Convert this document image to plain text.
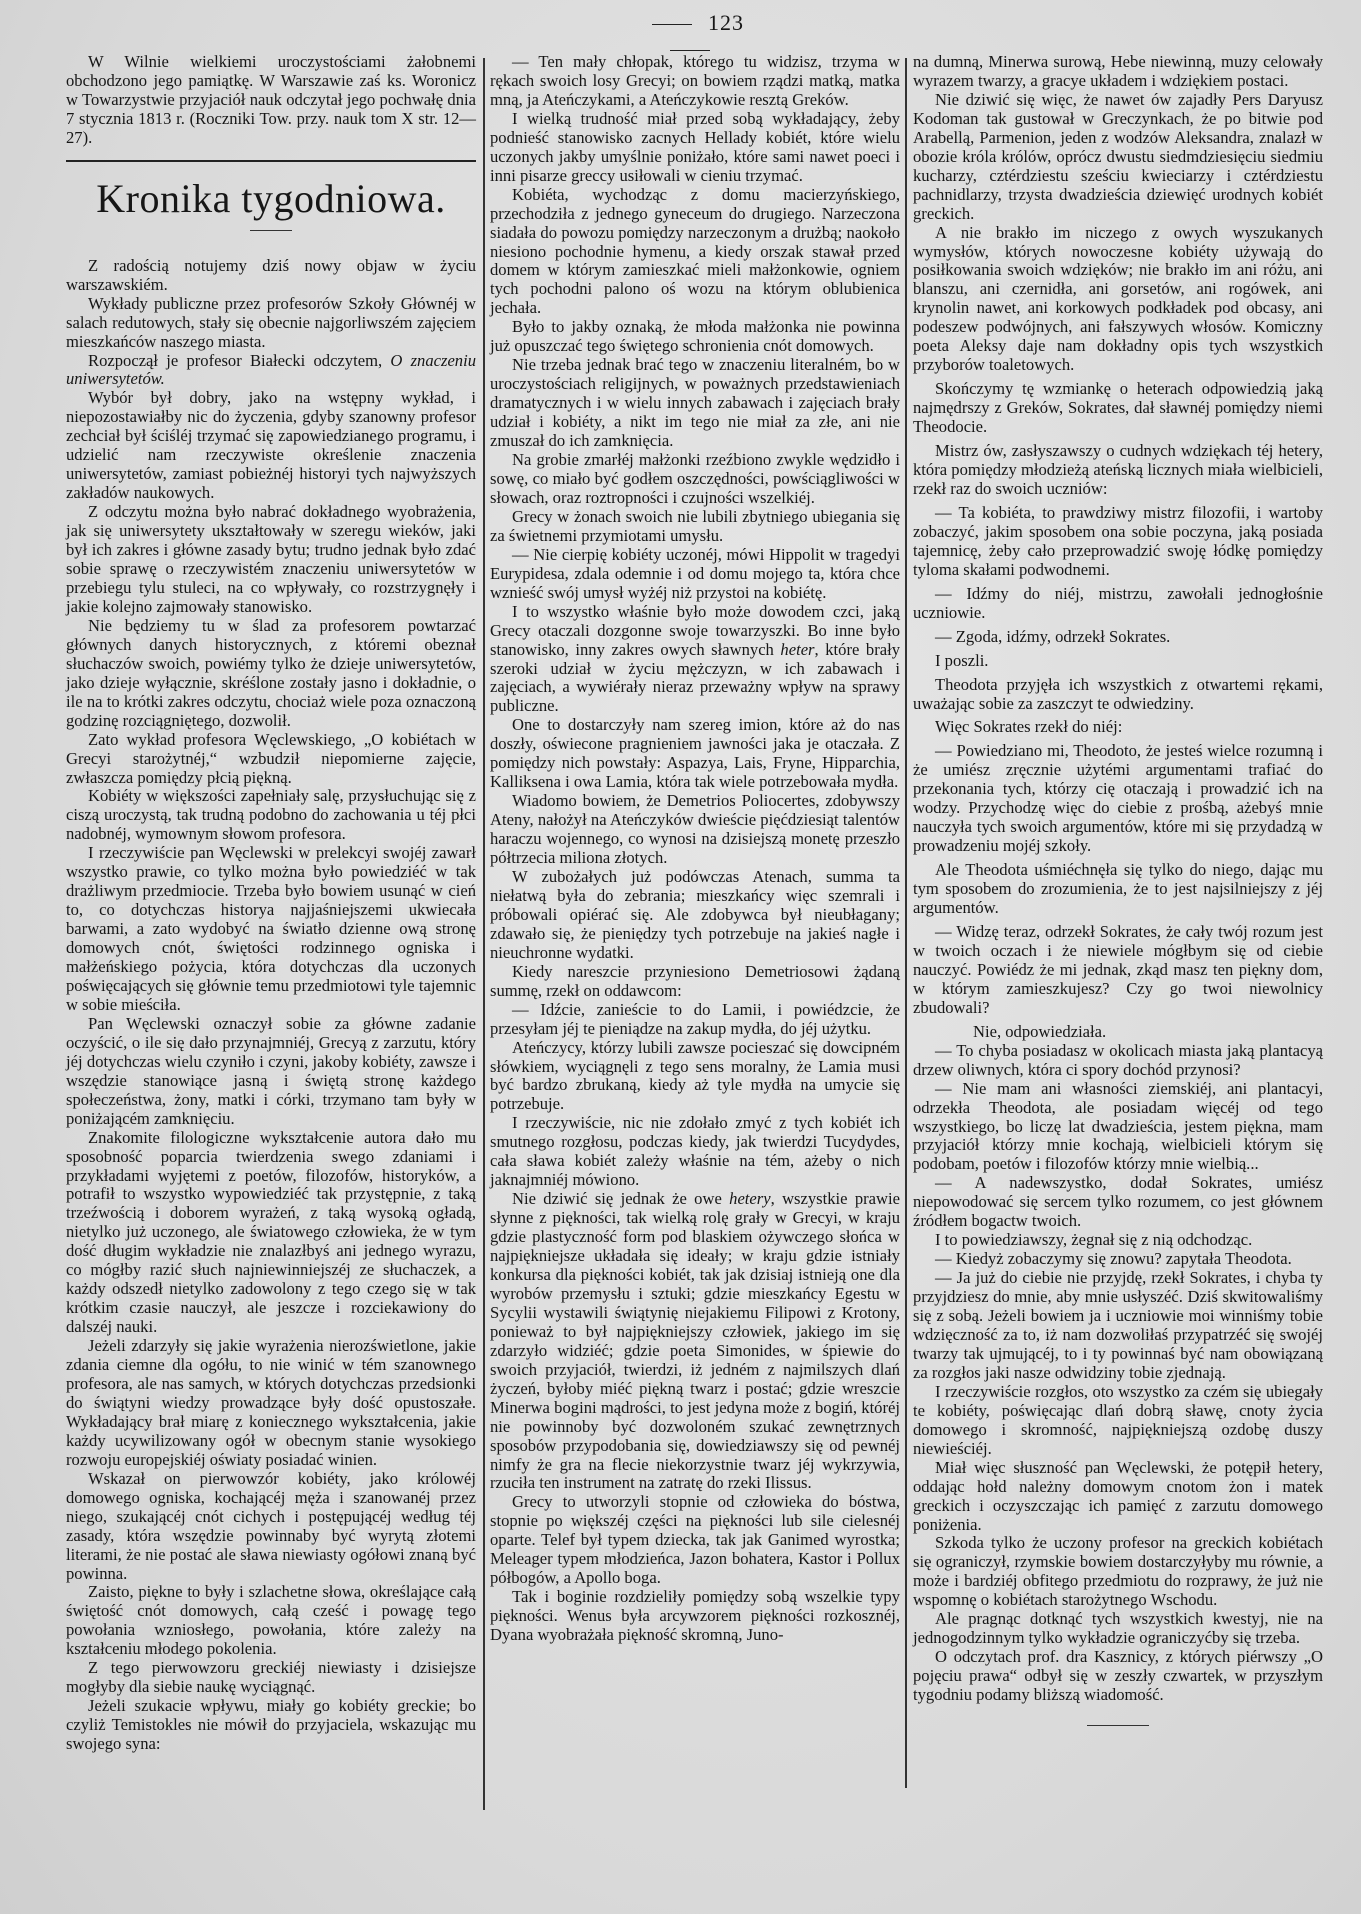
123

W Wilnie wielkiemi uroczystościami żałobnemi obchodzono jego pamiątkę. W Warszawie zaś ks. Woronicz w Towarzystwie przyjaciół nauk odczytał jego pochwałę dnia 7 stycznia 1813 r. (Roczniki Tow. przy. nauk tom X str. 12—27).

Kronika tygodniowa.

Z radością notujemy dziś nowy objaw w życiu warszawskiém.

Wykłady publiczne przez profesorów Szkoły Głównéj w salach redutowych, stały się obecnie najgorliwszém zajęciem mieszkańców naszego miasta.

Rozpoczął je profesor Białecki odczytem, O znaczeniu uniwersytetów.

Wybór był dobry, jako na wstępny wykład, i niepozostawiałby nic do życzenia, gdyby szanowny profesor zechciał był ściśléj trzymać się zapowiedzianego programu, i udzielić nam rzeczywiste określenie znaczenia uniwersytetów, zamiast pobieżnéj historyi tych najwyższych zakładów naukowych.

Z odczytu można było nabrać dokładnego wyobrażenia, jak się uniwersytety ukształtowały w szeregu wieków, jaki był ich zakres i główne zasady bytu; trudno jednak było zdać sobie sprawę o rzeczywistém znaczeniu uniwersytetów w przebiegu tylu stuleci, na co wpływały, co rozstrzygnęły i jakie kolejno zajmowały stanowisko.

Nie będziemy tu w ślad za profesorem powtarzać głównych danych historycznych, z któremi obeznał słuchaczów swoich, powiémy tylko że dzieje uniwersytetów, jako dzieje wyłącznie, skréślone zostały jasno i dokładnie, o ile na to krótki zakres odczytu, chociaż wiele poza oznaczoną godzinę rozciągniętego, dozwolił.

Zato wykład profesora Węclewskiego, „O kobiétach w Grecyi starożytnéj,“ wzbudził niepomierne zajęcie, zwłaszcza pomiędzy płcią piękną.

Kobiéty w większości zapełniały salę, przysłuchując się z ciszą uroczystą, tak trudną podobno do zachowania u téj płci nadobnéj, wymownym słowom profesora.

I rzeczywiście pan Węclewski w prelekcyi swojéj zawarł wszystko prawie, co tylko można było powiedziéć w tak drażliwym przedmiocie. Trzeba było bowiem usunąć w cień to, co dotychczas historya najjaśniejszemi ukwiecała barwami, a zato wydobyć na światło dzienne ową stronę domowych cnót, świętości rodzinnego ogniska i małżeńskiego pożycia, która dotychczas dla uczonych poświęcających się głównie temu przedmiotowi tyle tajemnic w sobie mieściła.

Pan Węclewski oznaczył sobie za główne zadanie oczyścić, o ile się dało przynajmniéj, Grecyą z zarzutu, który jéj dotychczas wielu czyniło i czyni, jakoby kobiéty, zawsze i wszędzie stanowiące jasną i świętą stronę każdego społeczeństwa, żony, matki i córki, trzymano tam były w poniżającém zamknięciu.

Znakomite filologiczne wykształcenie autora dało mu sposobność poparcia twierdzenia swego zdaniami i przykładami wyjętemi z poetów, filozofów, historyków, a potrafił to wszystko wypowiedziéć tak przystępnie, z taką trzeźwością i doborem wyrażeń, z taką wysoką ogładą, nietylko już uczonego, ale światowego człowieka, że w tym dość długim wykładzie nie znalazłbyś ani jednego wyrazu, co mógłby razić słuch najniewinniejszéj ze słuchaczek, a każdy odszedł nietylko zadowolony z tego czego się w tak krótkim czasie nauczył, ale jeszcze i rozciekawiony do dalszéj nauki.

Jeżeli zdarzyły się jakie wyrażenia nierozświetlone, jakie zdania ciemne dla ogółu, to nie winić w tém szanownego profesora, ale nas samych, w których dotychczas przedsionki do świątyni wiedzy prowadzące były dość opustoszałe. Wykładający brał miarę z koniecznego wykształcenia, jakie każdy ucywilizowany ogół w obecnym stanie wysokiego rozwoju europejskiéj oświaty posiadać winien.

Wskazał on pierwowzór kobiéty, jako królowéj domowego ogniska, kochającéj męża i szanowanéj przez niego, szukającéj cnót cichych i postępującéj według téj zasady, która wszędzie powinnaby być wyrytą złotemi literami, że nie postać ale sława niewiasty ogółowi znaną być powinna.

Zaisto, piękne to były i szlachetne słowa, określające całą świętość cnót domowych, całą cześć i powagę tego powołania wzniosłego, powołania, które zależy na kształceniu młodego pokolenia.

Z tego pierwowzoru greckiéj niewiasty i dzisiejsze mogłyby dla siebie naukę wyciągnąć.

Jeżeli szukacie wpływu, miały go kobiéty greckie; bo czyliż Temistokles nie mówił do przyjaciela, wskazując mu swojego syna:

— Ten mały chłopak, którego tu widzisz, trzyma w rękach swoich losy Grecyi; on bowiem rządzi matką, matka mną, ja Ateńczykami, a Ateńczykowie resztą Greków.

I wielką trudność miał przed sobą wykładający, żeby podnieść stanowisko zacnych Hellady kobiét, które wielu uczonych jakby umyślnie poniżało, które sami nawet poeci i inni pisarze greccy usiłowali w cieniu trzymać.

Kobiéta, wychodząc z domu macierzyńskiego, przechodziła z jednego gyneceum do drugiego. Narzeczona siadała do powozu pomiędzy narzeczonym a drużbą; naokoło niesiono pochodnie hymenu, a kiedy orszak stawał przed domem w którym zamieszkać mieli małżonkowie, ogniem tych pochodni palono oś wozu na którym oblubienica jechała.

Było to jakby oznaką, że młoda małżonka nie powinna już opuszczać tego świętego schronienia cnót domowych.

Nie trzeba jednak brać tego w znaczeniu literalném, bo w uroczystościach religijnych, w poważnych przedstawieniach dramatycznych i w wielu innych zabawach i zajęciach brały udział i kobiéty, a nikt im tego nie miał za złe, ani nie zmuszał do ich zamknięcia.

Na grobie zmarłéj małżonki rzeźbiono zwykle wędzidło i sowę, co miało być godłem oszczędności, powściągliwości w słowach, oraz roztropności i czujności wszelkiéj.

Grecy w żonach swoich nie lubili zbytniego ubiegania się za świetnemi przymiotami umysłu.

— Nie cierpię kobiéty uczonéj, mówi Hippolit w tragedyi Eurypidesa, zdala odemnie i od domu mojego ta, która chce wznieść swój umysł wyżéj niż przystoi na kobiétę.

I to wszystko właśnie było może dowodem czci, jaką Grecy otaczali dozgonne swoje towarzyszki. Bo inne było stanowisko, inny zakres owych sławnych heter, które brały szeroki udział w życiu mężczyzn, w ich zabawach i zajęciach, a wywiérały nieraz przeważny wpływ na sprawy publiczne.

One to dostarczyły nam szereg imion, które aż do nas doszły, oświecone pragnieniem jawności jaka je otaczała. Z pomiędzy nich powstały: Aspazya, Lais, Fryne, Hipparchia, Kalliksena i owa Lamia, która tak wiele potrzebowała mydła.

Wiadomo bowiem, że Demetrios Poliocertes, zdobywszy Ateny, nałożył na Ateńczyków dwieście pięćdziesiąt talentów haraczu wojennego, co wynosi na dzisiejszą monetę przeszło półtrzecia miliona złotych.

W zubożałych już podówczas Atenach, summa ta niełatwą była do zebrania; mieszkańcy więc szemrali i próbowali opiérać się. Ale zdobywca był nieubłagany; zdawało się, że pieniędzy tych potrzebuje na jakieś nagłe i nieuchronne wydatki.

Kiedy nareszcie przyniesiono Demetriosowi żądaną summę, rzekł on oddawcom:

— Idźcie, zanieście to do Lamii, i powiédzcie, że przesyłam jéj te pieniądze na zakup mydła, do jéj użytku.

Ateńczycy, którzy lubili zawsze pocieszać się dowcipném słówkiem, wyciągnęli z tego sens moralny, że Lamia musi być bardzo zbrukaną, kiedy aż tyle mydła na umycie się potrzebuje.

I rzeczywiście, nic nie zdołało zmyć z tych kobiét ich smutnego rozgłosu, podczas kiedy, jak twierdzi Tucydydes, cała sława kobiét zależy właśnie na tém, ażeby o nich jaknajmniéj mówiono.

Nie dziwić się jednak że owe hetery, wszystkie prawie słynne z piękności, tak wielką rolę grały w Grecyi, w kraju gdzie plastyczność form pod blaskiem ożywczego słońca w najpiękniejsze układała się ideały; w kraju gdzie istniały konkursa dla piękności kobiét, tak jak dzisiaj istnieją one dla wyrobów przemysłu i sztuki; gdzie mieszkańcy Egestu w Sycylii wystawili świątynię niejakiemu Filipowi z Krotony, ponieważ to był najpiękniejszy człowiek, jakiego im się zdarzyło widziéć; gdzie poeta Simonides, w śpiewie do swoich przyjaciół, twierdzi, iż jedném z najmilszych dlań życzeń, byłoby miéć piękną twarz i postać; gdzie wreszcie Minerwa bogini mądrości, to jest jedyna może z bogiń, któréj nie powinnoby być dozwoloném szukać zewnętrznych sposobów przypodobania się, dowiedziawszy się od pewnéj nimfy że gra na flecie niekorzystnie twarz jéj wykrzywia, rzuciła ten instrument na zatratę do rzeki Ilissus.

Grecy to utworzyli stopnie od człowieka do bóstwa, stopnie po większéj części na piękności lub sile cielesnéj oparte. Telef był typem dziecka, tak jak Ganimed wyrostka; Meleager typem młodzieńca, Jazon bohatera, Kastor i Pollux półbogów, a Apollo boga.

Tak i boginie rozdzieliły pomiędzy sobą wszelkie typy piękności. Wenus była arcywzorem piękności rozkosznéj, Dyana wyobrażała piękność skromną, Juno-

na dumną, Minerwa surową, Hebe niewinną, muzy celowały wyrazem twarzy, a gracye układem i wdziękiem postaci.

Nie dziwić się więc, że nawet ów zajadły Pers Daryusz Kodoman tak gustował w Greczynkach, że po bitwie pod Arabellą, Parmenion, jeden z wodzów Aleksandra, znalazł w obozie króla królów, oprócz dwustu siedmdziesięciu siedmiu kucharzy, cztérdziestu sześciu kwieciarzy i cztérdziestu pachnidlarzy, trzysta dwadzieścia dziewięć urodnych kobiét greckich.

A nie brakło im niczego z owych wyszukanych wymysłów, których nowoczesne kobiéty używają do posiłkowania swoich wdzięków; nie brakło im ani różu, ani blanszu, ani czernidła, ani gorsetów, ani rogówek, ani krynolin nawet, ani korkowych podkładek pod obcasy, ani podeszew podwójnych, ani fałszywych włosów. Komiczny poeta Aleksy daje nam dokładny opis tych wszystkich przyborów toaletowych.

Skończymy tę wzmiankę o heterach odpowiedzią jaką najmędrszy z Greków, Sokrates, dał sławnéj pomiędzy niemi Theodocie.

Mistrz ów, zasłyszawszy o cudnych wdziękach téj hetery, która pomiędzy młodzieżą ateńską licznych miała wielbicieli, rzekł raz do swoich uczniów:

— Ta kobiéta, to prawdziwy mistrz filozofii, i wartoby zobaczyć, jakim sposobem ona sobie poczyna, jaką posiada tajemnicę, żeby cało przeprowadzić swoję łódkę pomiędzy tyloma skałami podwodnemi.

— Idźmy do niéj, mistrzu, zawołali jednogłośnie uczniowie.

— Zgoda, idźmy, odrzekł Sokrates.

I poszli.

Theodota przyjęła ich wszystkich z otwartemi rękami, uważając sobie za zaszczyt te odwiedziny.

Więc Sokrates rzekł do niéj:

— Powiedziano mi, Theodoto, że jesteś wielce rozumną i że umiész zręcznie użytémi argumentami trafiać do przekonania tych, którzy cię otaczają i prowadzić ich na wodzy. Przychodzę więc do ciebie z prośbą, ażebyś mnie nauczyła tych swoich argumentów, które mi się przydadzą w prowadzeniu mojéj szkoły.

Ale Theodota uśmiéchnęła się tylko do niego, dając mu tym sposobem do zrozumienia, że to jest najsilniejszy z jéj argumentów.

— Widzę teraz, odrzekł Sokrates, że cały twój rozum jest w twoich oczach i że niewiele mógłbym się od ciebie nauczyć. Powiédz że mi jednak, zkąd masz ten piękny dom, w którym zamieszkujesz? Czy go twoi niewolnicy zbudowali?

Nie, odpowiedziała.

— To chyba posiadasz w okolicach miasta jaką plantacyą drzew oliwnych, która ci spory dochód przynosi?

— Nie mam ani własności ziemskiéj, ani plantacyi, odrzekła Theodota, ale posiadam więcéj od tego wszystkiego, bo liczę lat dwadzieścia, jestem piękna, mam przyjaciół którzy mnie kochają, wielbicieli którym się podobam, poetów i filozofów którzy mnie wielbią...

— A nadewszystko, dodał Sokrates, umiész niepowodować się sercem tylko rozumem, co jest głównem źródłem bogactw twoich.

I to powiedziawszy, żegnał się z nią odchodząc.

— Kiedyż zobaczymy się znowu? zapytała Theodota.

— Ja już do ciebie nie przyjdę, rzekł Sokrates, i chyba ty przyjdziesz do mnie, aby mnie usłyszéć. Dziś skwitowaliśmy się z sobą. Jeżeli bowiem ja i uczniowie moi winniśmy tobie wdzięczność za to, iż nam dozwoliłaś przypatrzéć się swojéj twarzy tak ujmującéj, to i ty powinnaś być nam obowiązaną za rozgłos jaki nasze odwidziny tobie zjednają.

I rzeczywiście rozgłos, oto wszystko za czém się ubiegały te kobiéty, poświęcając dlań dobrą sławę, cnoty życia domowego i skromność, najpiękniejszą ozdobę duszy niewieściéj.

Miał więc słuszność pan Węclewski, że potępił hetery, oddając hołd należny domowym cnotom żon i matek greckich i oczyszczając ich pamięć z zarzutu domowego poniżenia.

Szkoda tylko że uczony profesor na greckich kobiétach się ograniczył, rzymskie bowiem dostarczyłyby mu równie, a może i bardziéj obfitego przedmiotu do rozprawy, że już nie wspomnę o kobiétach starożytnego Wschodu.

Ale pragnąc dotknąć tych wszystkich kwestyj, nie na jednogodzinnym tylko wykładzie ograniczyćby się trzeba.

O odczytach prof. dra Kasznicy, z których piérwszy „O pojęciu prawa“ odbył się w zeszły czwartek, w przyszłym tygodniu podamy bliższą wiadomość.
